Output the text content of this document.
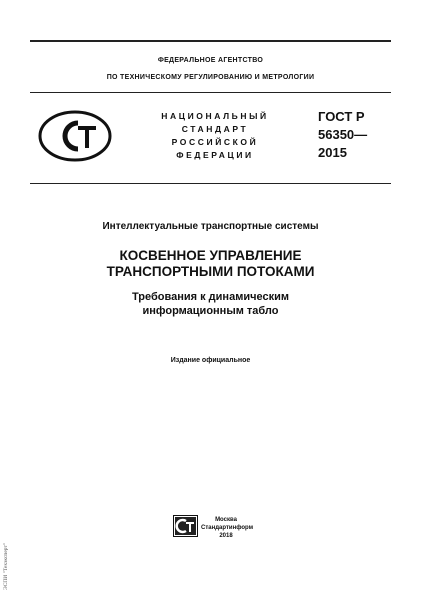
ФЕДЕРАЛЬНОЕ АГЕНТСТВО
ПО ТЕХНИЧЕСКОМУ РЕГУЛИРОВАНИЮ И МЕТРОЛОГИИ
НАЦИОНАЛЬНЫЙ
СТАНДАРТ
РОССИЙСКОЙ
ФЕДЕРАЦИИ
ГОСТ Р
56350—
2015
Интеллектуальные транспортные системы
КОСВЕННОЕ УПРАВЛЕНИЕ
ТРАНСПОРТНЫМИ ПОТОКАМИ
Требования к динамическим
информационным табло
Издание официальное
Москва
Стандартинформ
2018
ЭСПИ "Техэксперт"
